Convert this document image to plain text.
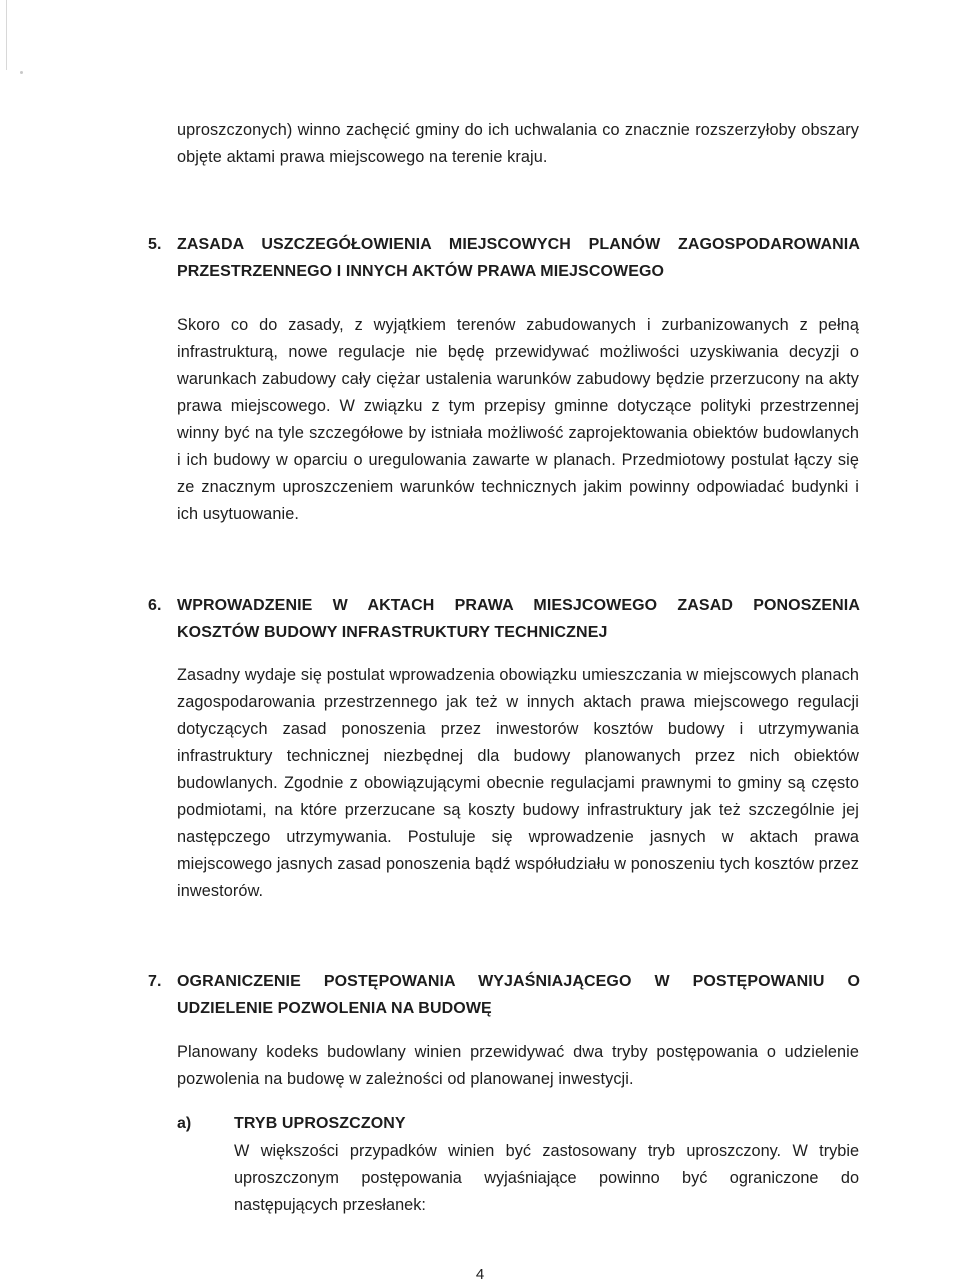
uproszczonych) winno zachęcić gminy do ich uchwalania co znacznie rozszerzyłoby obszary objęte aktami prawa miejscowego na terenie kraju.

5. ZASADA USZCZEGÓŁOWIENIA MIEJSCOWYCH PLANÓW ZAGOSPODAROWANIA
PRZESTRZENNEGO I INNYCH AKTÓW PRAWA MIEJSCOWEGO

Skoro co do zasady, z wyjątkiem terenów zabudowanych i zurbanizowanych z pełną infrastrukturą, nowe regulacje nie będę przewidywać możliwości uzyskiwania decyzji o warunkach zabudowy cały ciężar ustalenia warunków zabudowy będzie przerzucony na akty prawa miejscowego. W związku z tym przepisy gminne dotyczące polityki przestrzennej winny być na tyle szczegółowe by istniała możliwość zaprojektowania obiektów budowlanych i ich budowy w oparciu o uregulowania zawarte w planach. Przedmiotowy postulat łączy się ze znacznym uproszczeniem warunków technicznych jakim powinny odpowiadać budynki i ich usytuowanie.

6. WPROWADZENIE W AKTACH PRAWA MIESJCOWEGO ZASAD PONOSZENIA
KOSZTÓW BUDOWY INFRASTRUKTURY TECHNICZNEJ

Zasadny wydaje się postulat wprowadzenia obowiązku umieszczania w miejscowych planach zagospodarowania przestrzennego jak też w innych aktach prawa miejscowego regulacji dotyczących zasad ponoszenia przez inwestorów kosztów budowy i utrzymywania infrastruktury technicznej niezbędnej dla budowy planowanych przez nich obiektów budowlanych. Zgodnie z obowiązującymi obecnie regulacjami prawnymi to gminy są często podmiotami, na które przerzucane są koszty budowy infrastruktury jak też szczególnie jej następczego utrzymywania. Postuluje się wprowadzenie jasnych w aktach prawa miejscowego jasnych zasad ponoszenia bądź współudziału w ponoszeniu tych kosztów przez inwestorów.

7. OGRANICZENIE POSTĘPOWANIA WYJAŚNIAJĄCEGO W POSTĘPOWANIU O
UDZIELENIE POZWOLENIA NA BUDOWĘ

Planowany kodeks budowlany winien przewidywać dwa tryby postępowania o udzielenie pozwolenia na budowę w zależności od planowanej inwestycji.

a)	TRYB UPROSZCZONY

W większości przypadków winien być zastosowany tryb uproszczony. W trybie uproszczonym postępowania wyjaśniające powinno być ograniczone do następujących przesłanek:

4
